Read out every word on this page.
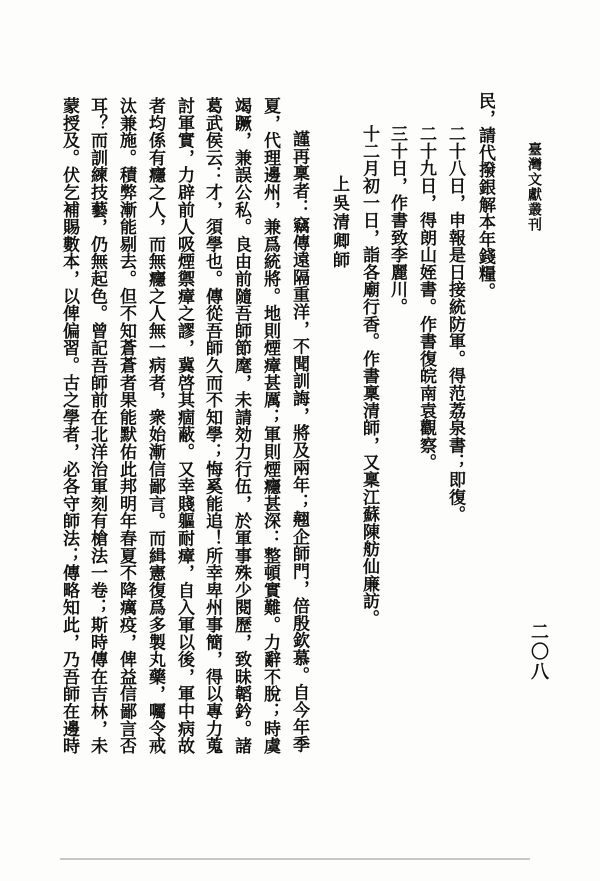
臺灣文獻叢刊
二〇八
民，請代撥銀解本年錢糧。
二十八日，申報是日接統防軍。得范荔泉書；即復。
二十九日，得朗山姪書。作書復皖南袁觀察。
三十日，作書致李麗川。
十二月初一日，詣各廟行香。作書稟清師，又稟江蘇陳舫仙廉訪。
上吳清卿師
謹再稟者：竊傳遠隔重洋，不聞訓誨，將及兩年；翹企師門，倍殷欽慕。自今年季
夏，代理邊州，兼爲統將。地則煙瘴甚厲；軍則煙癮甚深：整頓實難。力辭不脫；時虞
竭蹶，兼誤公私。良由前隨吾師節麾，未請効力行伍，於軍事殊少閱歷，致昧韜鈐。諸
葛武侯云：才，須學也。傳從吾師久而不知學；悔奚能追！所幸卑州事簡，得以專力蒐
討軍實，力辟前人吸煙禦瘴之謬，冀啓其痼蔽。又幸賤軀耐瘴，自入軍以後，軍中病故
者均係有癮之人，而無癮之人無一病者，衆始漸信鄙言。而緝憲復爲多製丸藥，囑令戒
汰兼施。積弊漸能剔去。但不知蒼蒼者果能默佑此邦明年春夏不降癘疫，俾益信鄙言否
耳？而訓練技藝，仍無起色。曾記吾師前在北洋治軍刻有槍法一卷；斯時傳在吉林，未
蒙授及。伏乞補賜數本，以俾偏習。古之學者，必各守師法；傳略知此，乃吾師在邊時
